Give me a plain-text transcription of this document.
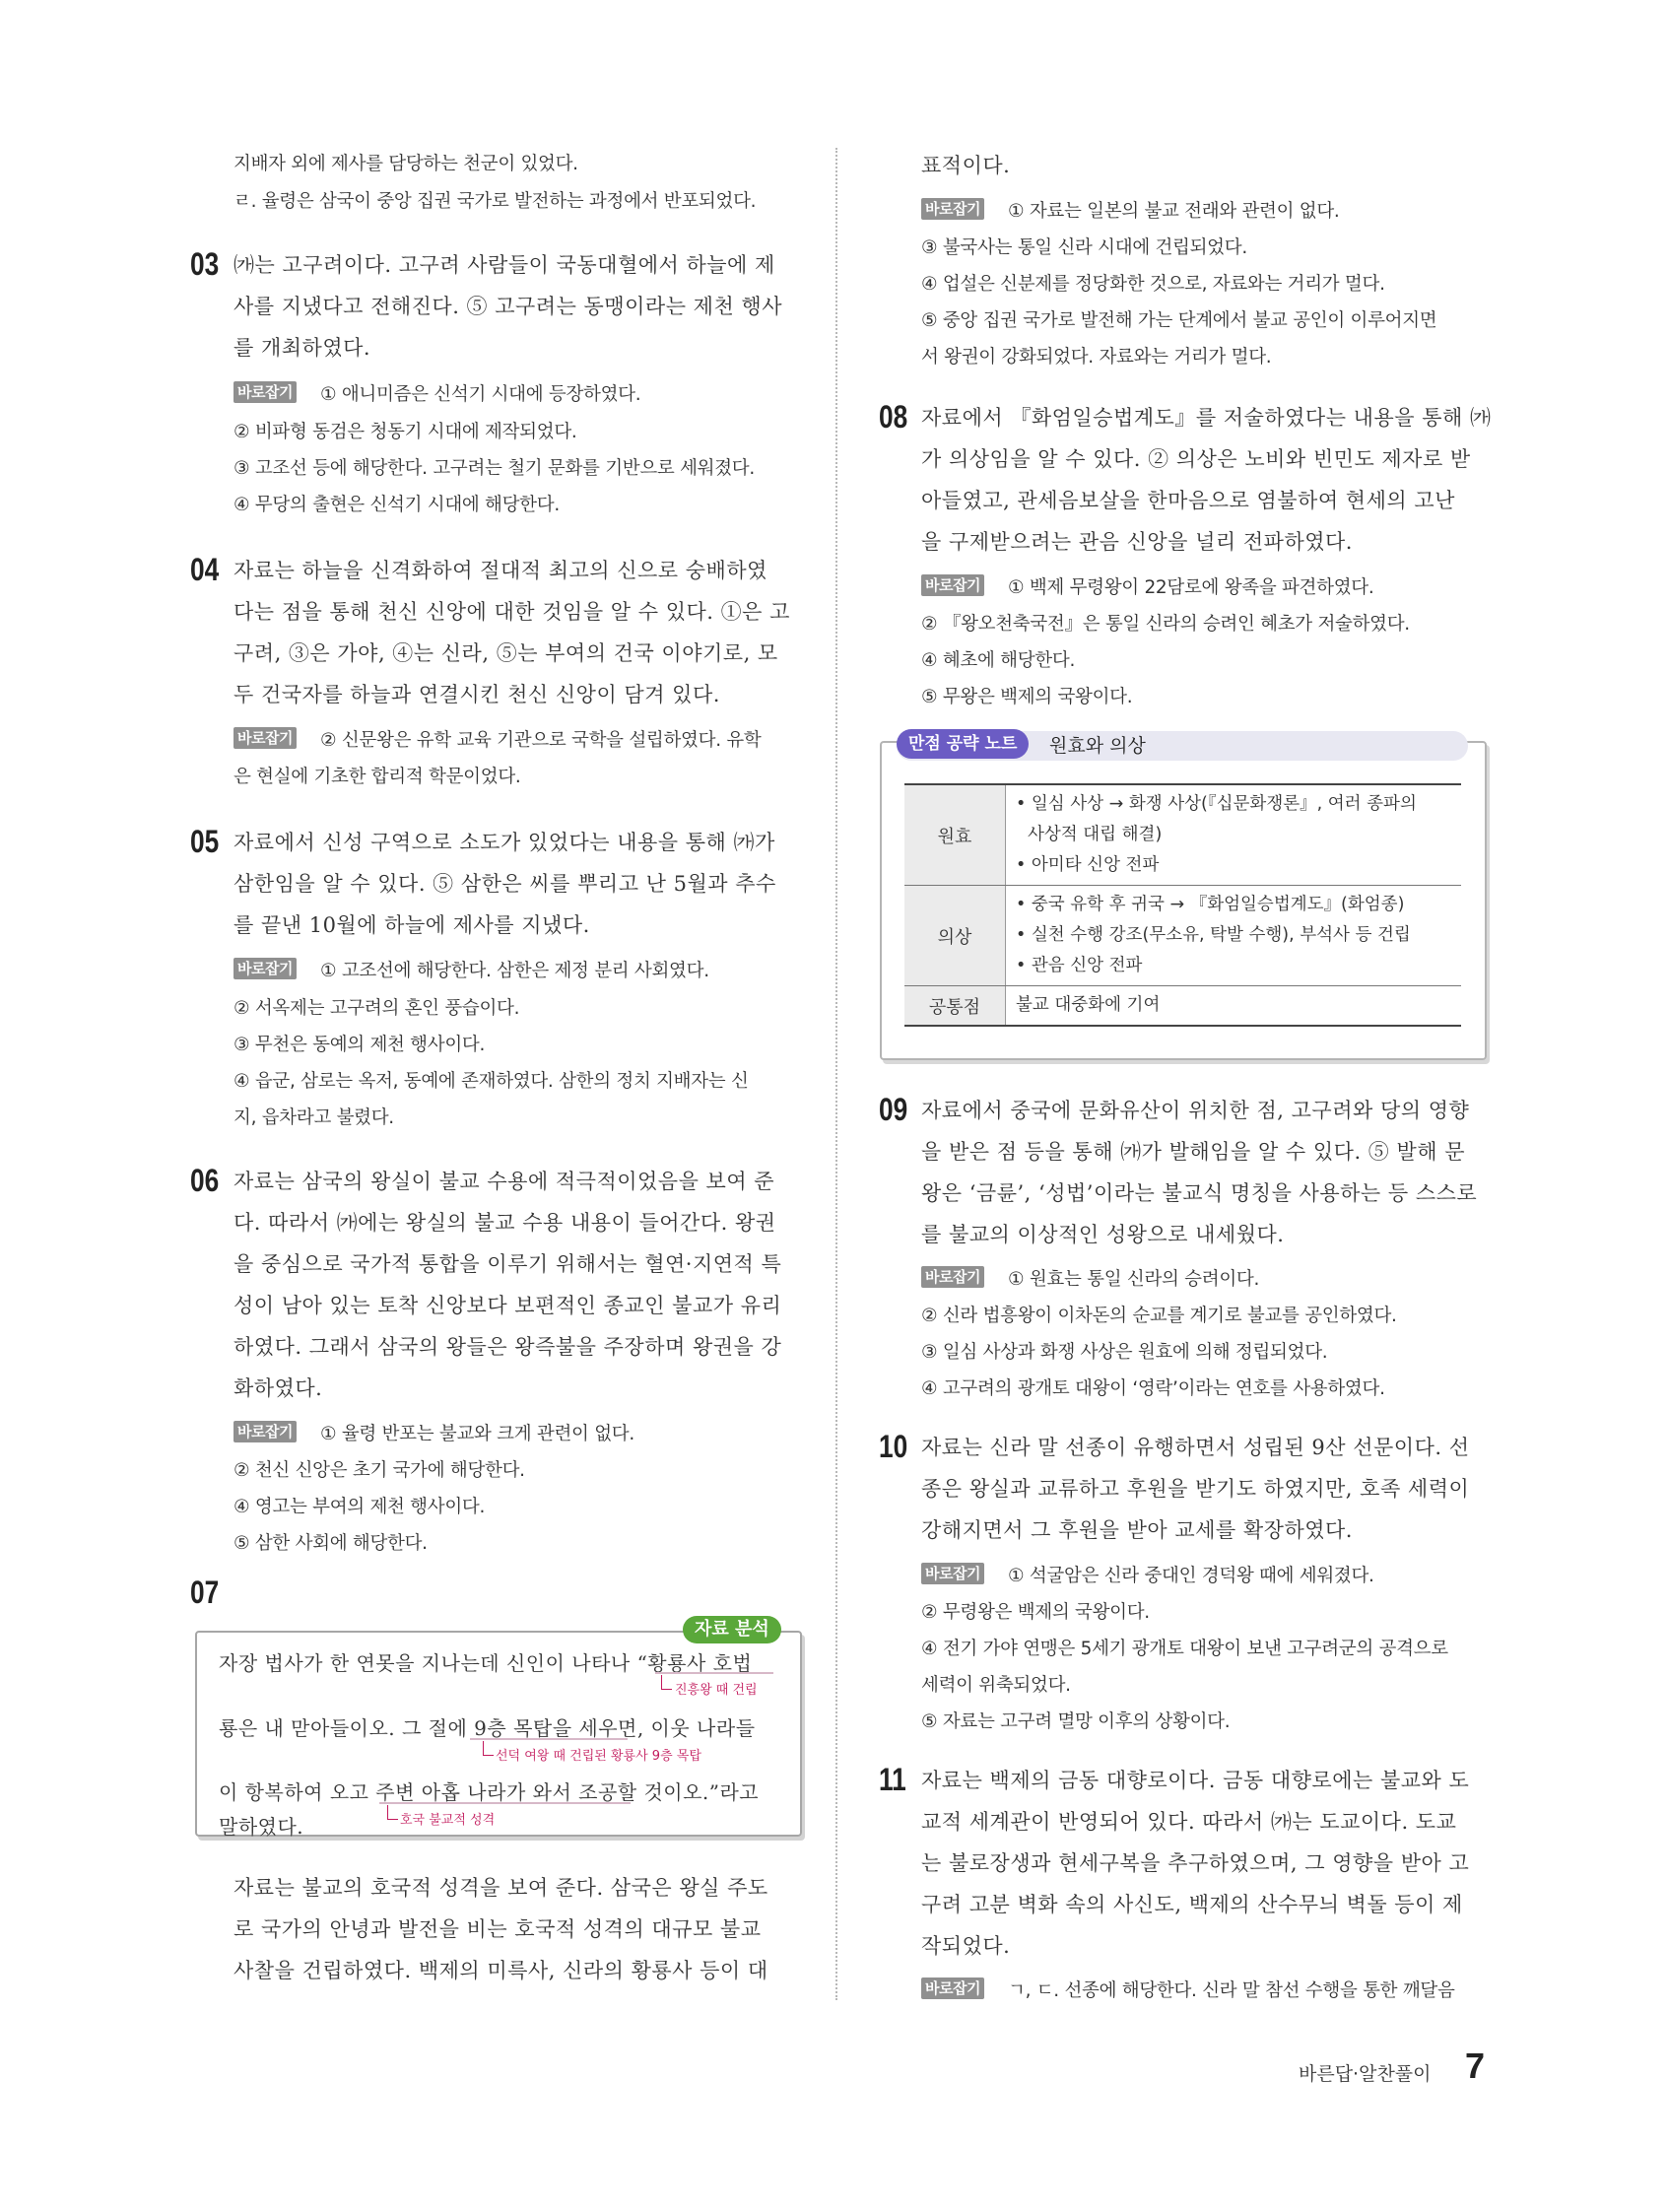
지배자 외에 제사를 담당하는 천군이 있었다.
ㄹ. 율령은 삼국이 중앙 집권 국가로 발전하는 과정에서 반포되었다.
03 ㈎는 고구려이다. 고구려 사람들이 국동대혈에서 하늘에 제
사를 지냈다고 전해진다. ⑤ 고구려는 동맹이라는 제천 행사
를 개최하였다.
바로잡기 ① 애니미즘은 신석기 시대에 등장하였다.
② 비파형 동검은 청동기 시대에 제작되었다.
③ 고조선 등에 해당한다. 고구려는 철기 문화를 기반으로 세워졌다.
④ 무당의 출현은 신석기 시대에 해당한다.
04 자료는 하늘을 신격화하여 절대적 최고의 신으로 숭배하였
다는 점을 통해 천신 신앙에 대한 것임을 알 수 있다. ①은 고
구려, ③은 가야, ④는 신라, ⑤는 부여의 건국 이야기로, 모
두 건국자를 하늘과 연결시킨 천신 신앙이 담겨 있다.
바로잡기 ② 신문왕은 유학 교육 기관으로 국학을 설립하였다. 유학
은 현실에 기초한 합리적 학문이었다.
05 자료에서 신성 구역으로 소도가 있었다는 내용을 통해 ㈎가
삼한임을 알 수 있다. ⑤ 삼한은 씨를 뿌리고 난 5월과 추수
를 끝낸 10월에 하늘에 제사를 지냈다.
바로잡기 ① 고조선에 해당한다. 삼한은 제정 분리 사회였다.
② 서옥제는 고구려의 혼인 풍습이다.
③ 무천은 동예의 제천 행사이다.
④ 읍군, 삼로는 옥저, 동예에 존재하였다. 삼한의 정치 지배자는 신
지, 읍차라고 불렸다.
06 자료는 삼국의 왕실이 불교 수용에 적극적이었음을 보여 준
다. 따라서 ㈎에는 왕실의 불교 수용 내용이 들어간다. 왕권
을 중심으로 국가적 통합을 이루기 위해서는 혈연·지연적 특
성이 남아 있는 토착 신앙보다 보편적인 종교인 불교가 유리
하였다. 그래서 삼국의 왕들은 왕즉불을 주장하며 왕권을 강
화하였다.
바로잡기 ① 율령 반포는 불교와 크게 관련이 없다.
② 천신 신앙은 초기 국가에 해당한다.
④ 영고는 부여의 제천 행사이다.
⑤ 삼한 사회에 해당한다.
07
자료 분석
자장 법사가 한 연못을 지나는데 신인이 나타나 “황룡사 호법
진흥왕 때 건립
룡은 내 맏아들이오. 그 절에 9층 목탑을 세우면, 이웃 나라들
선덕 여왕 때 건립된 황룡사 9층 목탑
이 항복하여 오고 주변 아홉 나라가 와서 조공할 것이오.”라고
호국 불교적 성격
말하였다.
자료는 불교의 호국적 성격을 보여 준다. 삼국은 왕실 주도
로 국가의 안녕과 발전을 비는 호국적 성격의 대규모 불교
사찰을 건립하였다. 백제의 미륵사, 신라의 황룡사 등이 대
표적이다.
바로잡기 ① 자료는 일본의 불교 전래와 관련이 없다.
③ 불국사는 통일 신라 시대에 건립되었다.
④ 업설은 신분제를 정당화한 것으로, 자료와는 거리가 멀다.
⑤ 중앙 집권 국가로 발전해 가는 단계에서 불교 공인이 이루어지면
서 왕권이 강화되었다. 자료와는 거리가 멀다.
08 자료에서 『화엄일승법계도』를 저술하였다는 내용을 통해 ㈎
가 의상임을 알 수 있다. ② 의상은 노비와 빈민도 제자로 받
아들였고, 관세음보살을 한마음으로 염불하여 현세의 고난
을 구제받으려는 관음 신앙을 널리 전파하였다.
바로잡기 ① 백제 무령왕이 22담로에 왕족을 파견하였다.
② 『왕오천축국전』은 통일 신라의 승려인 혜초가 저술하였다.
④ 혜초에 해당한다.
⑤ 무왕은 백제의 국왕이다.
만점 공략 노트	원효와 의상
원효	• 일심 사상 → 화쟁 사상(『십문화쟁론』, 여러 종파의
사상적 대립 해결)
• 아미타 신앙 전파

의상	• 중국 유학 후 귀국 → 『화엄일승법계도』(화엄종)
• 실천 수행 강조(무소유, 탁발 수행), 부석사 등 건립
• 관음 신앙 전파

공통점	불교 대중화에 기여
09 자료에서 중국에 문화유산이 위치한 점, 고구려와 당의 영향
을 받은 점 등을 통해 ㈎가 발해임을 알 수 있다. ⑤ 발해 문
왕은 ‘금륜’, ‘성법’이라는 불교식 명칭을 사용하는 등 스스로
를 불교의 이상적인 성왕으로 내세웠다.
바로잡기 ① 원효는 통일 신라의 승려이다.
② 신라 법흥왕이 이차돈의 순교를 계기로 불교를 공인하였다.
③ 일심 사상과 화쟁 사상은 원효에 의해 정립되었다.
④ 고구려의 광개토 대왕이 ‘영락’이라는 연호를 사용하였다.
10 자료는 신라 말 선종이 유행하면서 성립된 9산 선문이다. 선
종은 왕실과 교류하고 후원을 받기도 하였지만, 호족 세력이
강해지면서 그 후원을 받아 교세를 확장하였다.
바로잡기 ① 석굴암은 신라 중대인 경덕왕 때에 세워졌다.
② 무령왕은 백제의 국왕이다.
④ 전기 가야 연맹은 5세기 광개토 대왕이 보낸 고구려군의 공격으로
세력이 위축되었다.
⑤ 자료는 고구려 멸망 이후의 상황이다.
11 자료는 백제의 금동 대향로이다. 금동 대향로에는 불교와 도
교적 세계관이 반영되어 있다. 따라서 ㈎는 도교이다. 도교
는 불로장생과 현세구복을 추구하였으며, 그 영향을 받아 고
구려 고분 벽화 속의 사신도, 백제의 산수무늬 벽돌 등이 제
작되었다.
바로잡기 ㄱ, ㄷ. 선종에 해당한다. 신라 말 참선 수행을 통한 깨달음
바른답·알찬풀이 7
